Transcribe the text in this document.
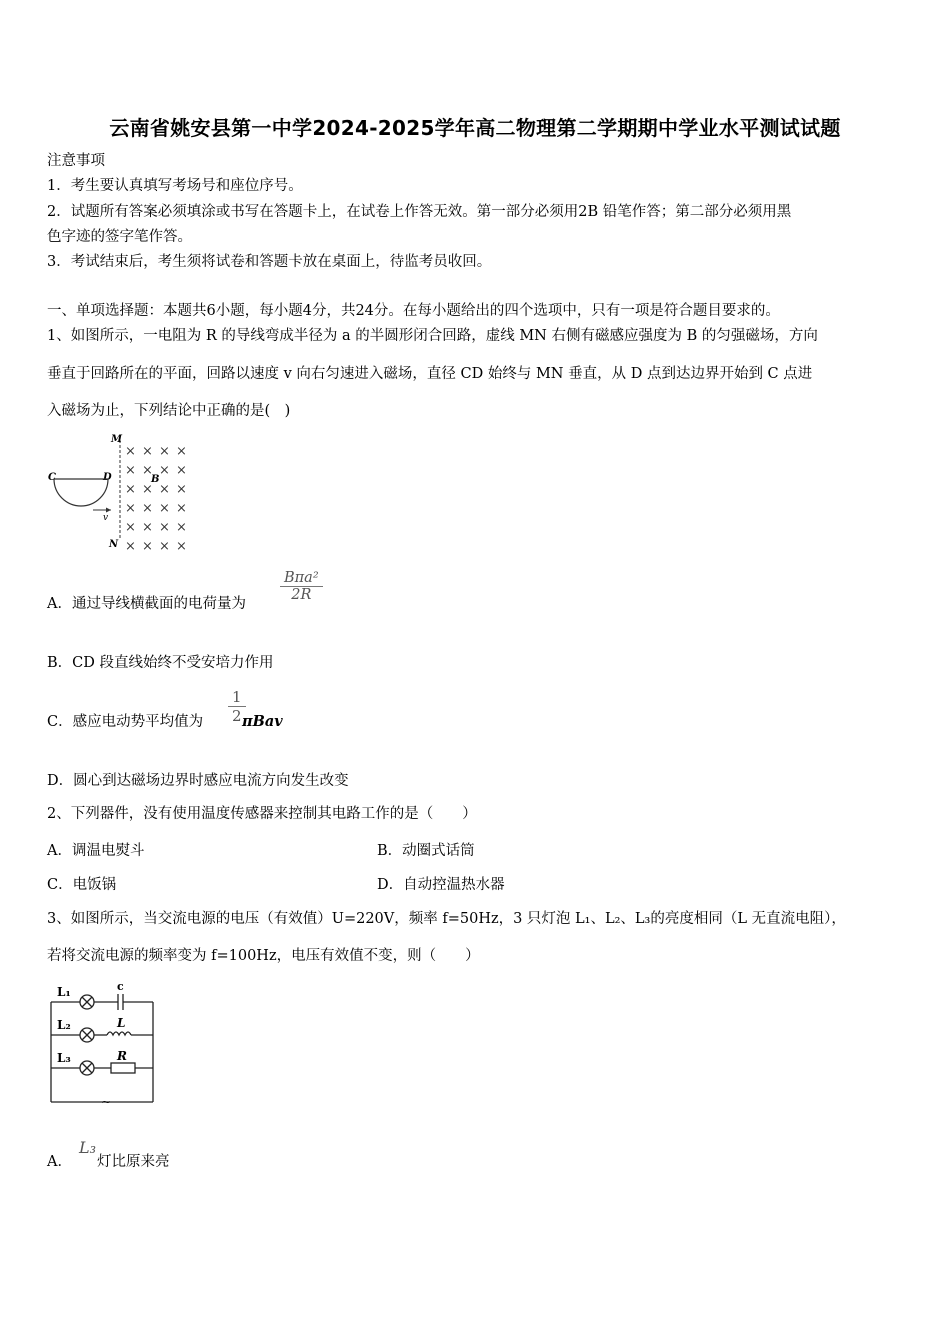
云南省姚安县第一中学2024-2025学年高二物理第二学期期中学业水平测试试题
注意事项
1．考生要认真填写考场号和座位序号。
2．试题所有答案必须填涂或书写在答题卡上，在试卷上作答无效。第一部分必须用2B 铅笔作答；第二部分必须用黑
色字迹的签字笔作答。
3．考试结束后，考生须将试卷和答题卡放在桌面上，待监考员收回。
一、单项选择题：本题共6小题，每小题4分，共24分。在每小题给出的四个选项中，只有一项是符合题目要求的。
1、如图所示，一电阻为 R 的导线弯成半径为 a 的半圆形闭合回路，虚线 MN 右侧有磁感应强度为 B 的匀强磁场，方向
垂直于回路所在的平面，回路以速度 v 向右匀速进入磁场，直径 CD 始终与 MN 垂直，从 D 点到达边界开始到 C 点进
入磁场为止，下列结论中正确的是(　)
M
N
C	D	B
v
× × × ×
× × × ×
× × × ×
× × × ×
× × × ×
× × × ×
A．通过导线横截面的电荷量为
Bπa²
2R
B．CD 段直线始终不受安培力作用
C．感应电动势平均值为 $\frac{1}{2}$
πBav
D．圆心到达磁场边界时感应电流方向发生改变
2、下列器件，没有使用温度传感器来控制其电路工作的是（　　）
A．调温电熨斗	B．动圈式话筒
C．电饭锅	D．自动控温热水器
3、如图所示，当交流电源的电压（有效值）U=220V，频率 f=50Hz，3 只灯泡 L₁、L₂、L₃的亮度相同（L 无直流电阻），
若将交流电源的频率变为 f=100Hz，电压有效值不变，则（　　）
L₁
L₂
L₃
c
L
R
~
A．
L₃
灯比原来亮
